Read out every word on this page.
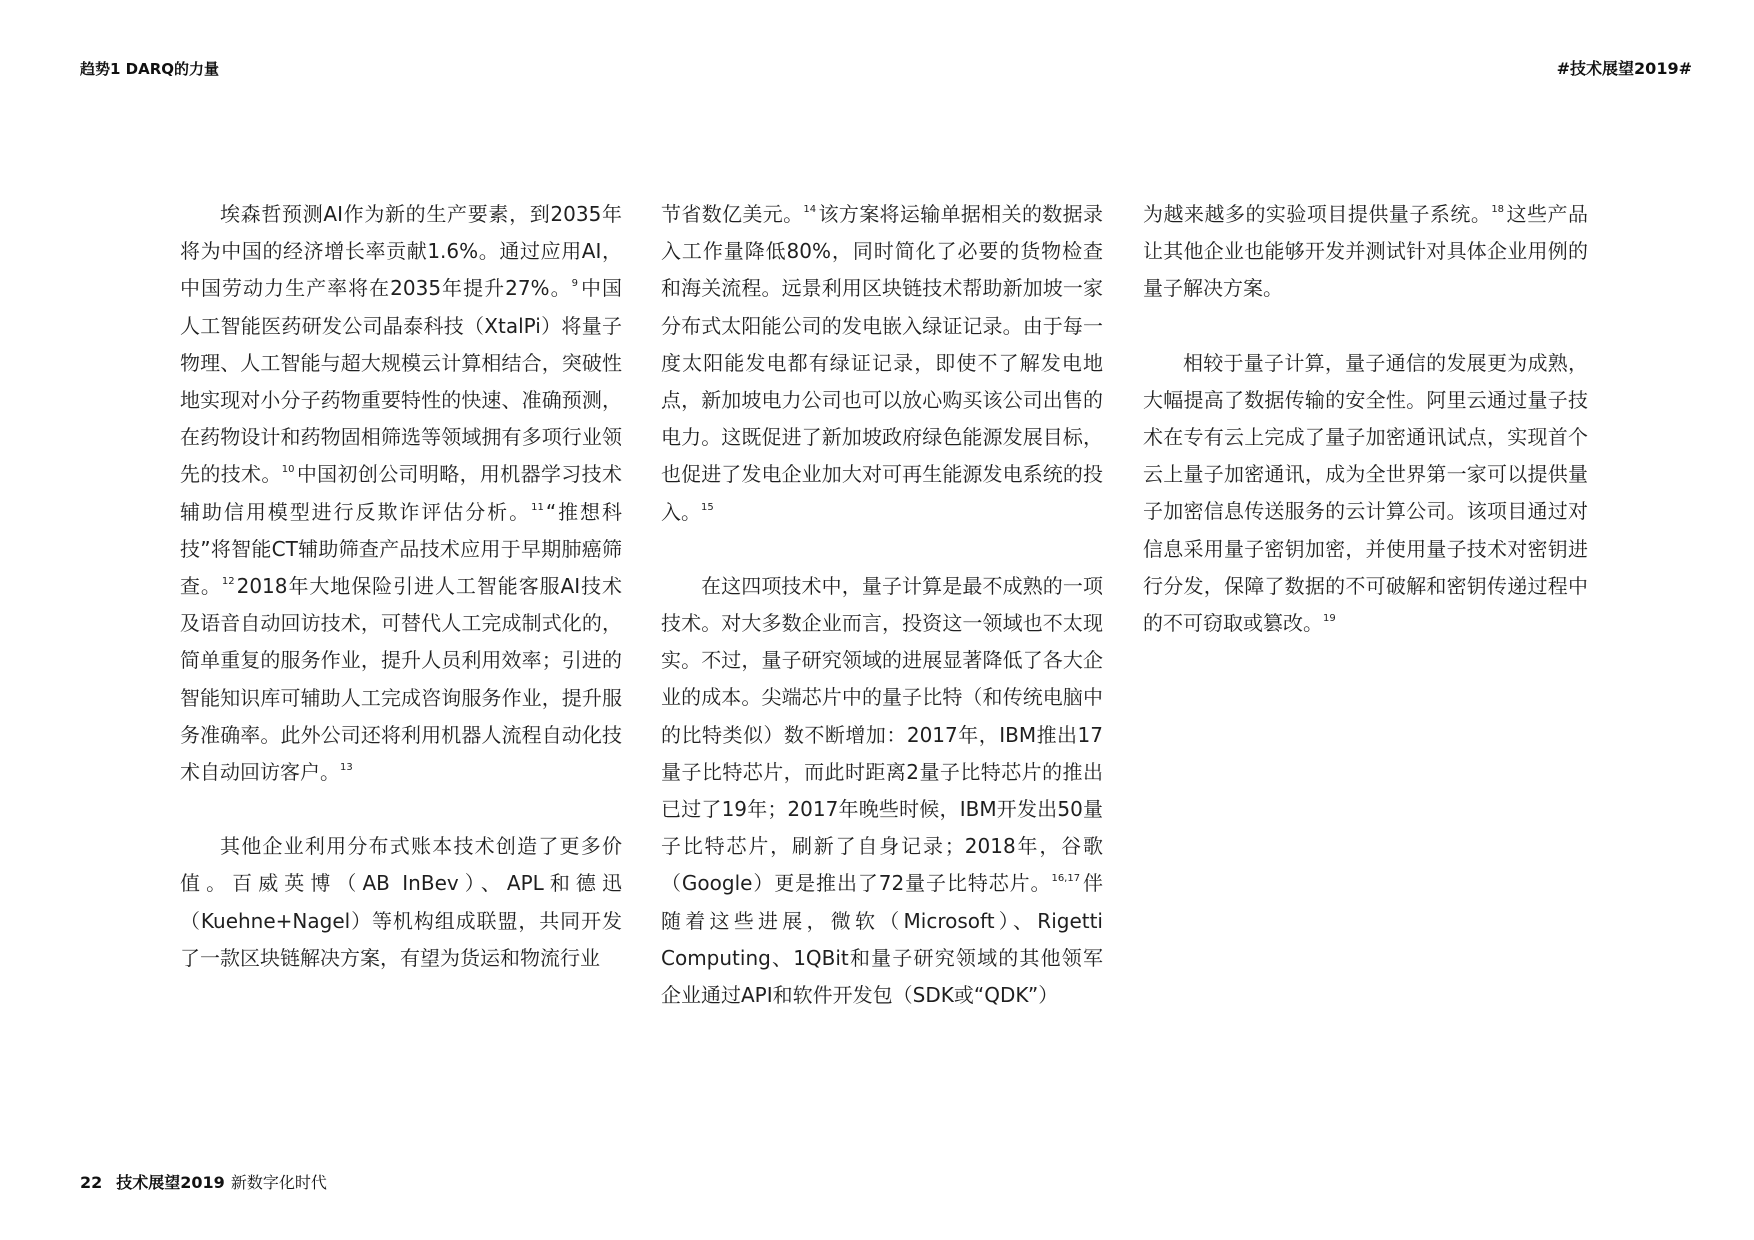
趋势1 DARQ的力量	#技术展望2019#

埃森哲预测AI作为新的生产要素，到2035年将为中国的经济增长率贡献1.6%。通过应用AI，中国劳动力生产率将在2035年提升27%。$^9$ 中国人工智能医药研发公司晶泰科技（XtalPi）将量子物理、人工智能与超大规模云计算相结合，突破性地实现对小分子药物重要特性的快速、准确预测，在药物设计和药物固相筛选等领域拥有多项行业领先的技术。$^{10}$ 中国初创公司明略，用机器学习技术辅助信用模型进行反欺诈评估分析。$^{11}$ “推想科技”将智能CT辅助筛查产品技术应用于早期肺癌筛查。$^{12}$ 2018年大地保险引进人工智能客服AI技术及语音自动回访技术，可替代人工完成制式化的，简单重复的服务作业，提升人员利用效率；引进的智能知识库可辅助人工完成咨询服务作业，提升服务准确率。此外公司还将利用机器人流程自动化技术自动回访客户。$^{13}$

其他企业利用分布式账本技术创造了更多价值。百威英博（AB InBev）、APL和德迅（Kuehne+Nagel）等机构组成联盟，共同开发了一款区块链解决方案，有望为货运和物流行业

节省数亿美元。$^{14}$ 该方案将运输单据相关的数据录入工作量降低80%，同时简化了必要的货物检查和海关流程。远景利用区块链技术帮助新加坡一家分布式太阳能公司的发电嵌入绿证记录。由于每一度太阳能发电都有绿证记录，即使不了解发电地点，新加坡电力公司也可以放心购买该公司出售的电力。这既促进了新加坡政府绿色能源发展目标，也促进了发电企业加大对可再生能源发电系统的投入。$^{15}$

在这四项技术中，量子计算是最不成熟的一项技术。对大多数企业而言，投资这一领域也不太现实。不过，量子研究领域的进展显著降低了各大企业的成本。尖端芯片中的量子比特（和传统电脑中的比特类似）数不断增加：2017年，IBM推出17量子比特芯片，而此时距离2量子比特芯片的推出已过了19年；2017年晚些时候，IBM开发出50量子比特芯片，刷新了自身记录；2018年，谷歌（Google）更是推出了72量子比特芯片。$^{16,17}$ 伴随着这些进展，微软（Microsoft）、Rigetti Computing、1QBit和量子研究领域的其他领军企业通过API和软件开发包（SDK或“QDK”）

为越来越多的实验项目提供量子系统。$^{18}$ 这些产品让其他企业也能够开发并测试针对具体企业用例的量子解决方案。

相较于量子计算，量子通信的发展更为成熟，大幅提高了数据传输的安全性。阿里云通过量子技术在专有云上完成了量子加密通讯试点，实现首个云上量子加密通讯，成为全世界第一家可以提供量子加密信息传送服务的云计算公司。该项目通过对信息采用量子密钥加密，并使用量子技术对密钥进行分发，保障了数据的不可破解和密钥传递过程中的不可窃取或篡改。$^{19}$

22 技术展望2019 新数字化时代
